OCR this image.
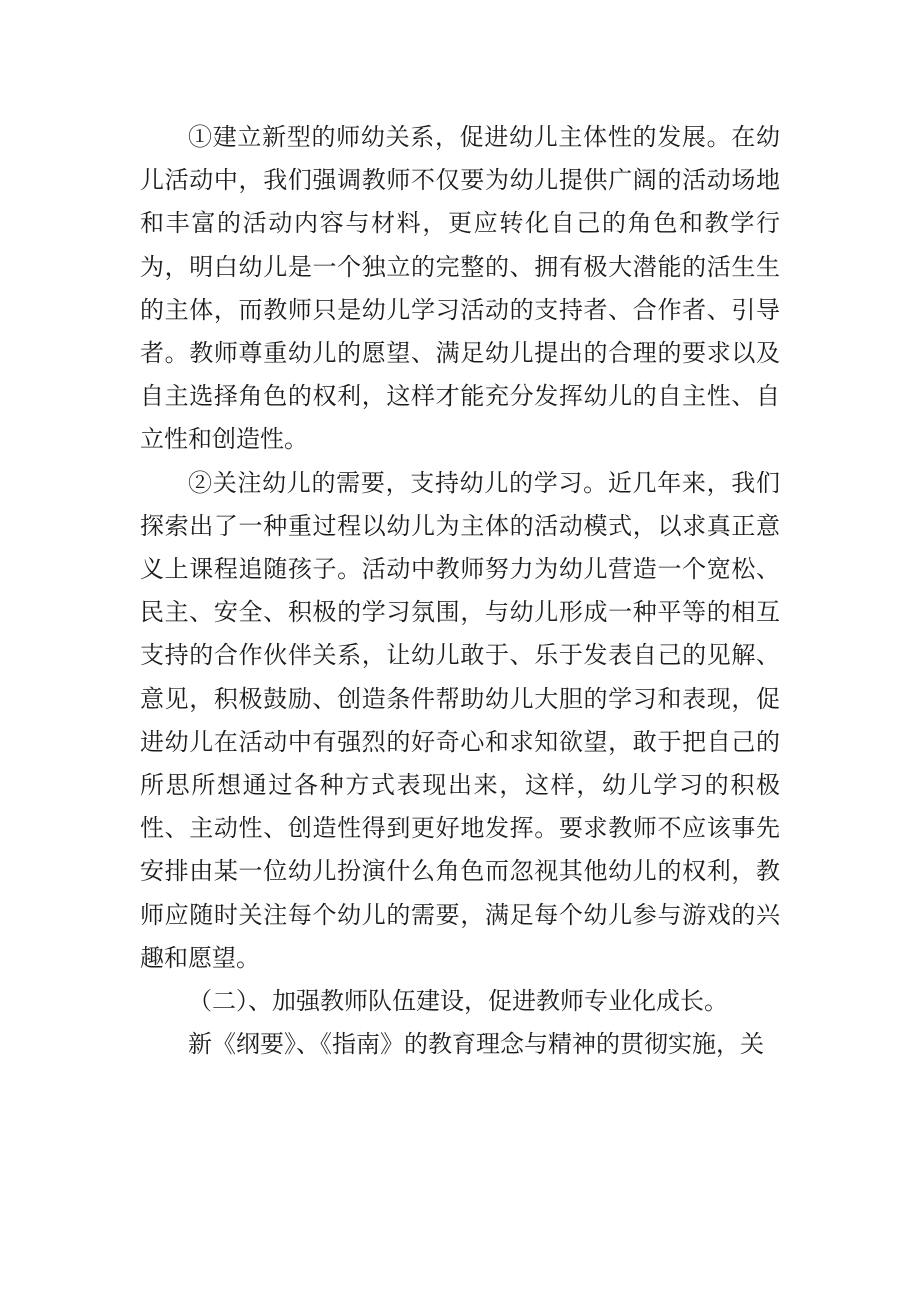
①建立新型的师幼关系，促进幼儿主体性的发展。在幼儿活动中，我们强调教师不仅要为幼儿提供广阔的活动场地和丰富的活动内容与材料，更应转化自己的角色和教学行为，明白幼儿是一个独立的完整的、拥有极大潜能的活生生的主体，而教师只是幼儿学习活动的支持者、合作者、引导者。教师尊重幼儿的愿望、满足幼儿提出的合理的要求以及自主选择角色的权利，这样才能充分发挥幼儿的自主性、自立性和创造性。

②关注幼儿的需要，支持幼儿的学习。近几年来，我们探索出了一种重过程以幼儿为主体的活动模式，以求真正意义上课程追随孩子。活动中教师努力为幼儿营造一个宽松、民主、安全、积极的学习氛围，与幼儿形成一种平等的相互支持的合作伙伴关系，让幼儿敢于、乐于发表自己的见解、意见，积极鼓励、创造条件帮助幼儿大胆的学习和表现，促进幼儿在活动中有强烈的好奇心和求知欲望，敢于把自己的所思所想通过各种方式表现出来，这样，幼儿学习的积极性、主动性、创造性得到更好地发挥。要求教师不应该事先安排由某一位幼儿扮演什么角色而忽视其他幼儿的权利，教师应随时关注每个幼儿的需要，满足每个幼儿参与游戏的兴趣和愿望。

（二）、加强教师队伍建设，促进教师专业化成长。

新《纲要》、《指南》的教育理念与精神的贯彻实施，关
